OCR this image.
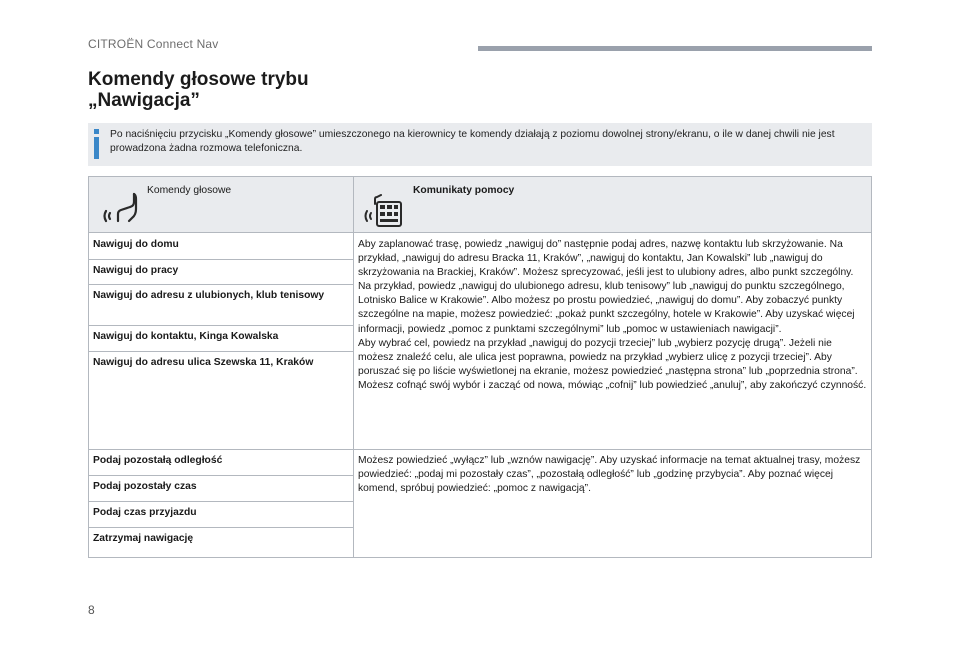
CITROËN Connect Nav
Komendy głosowe trybu
„Nawigacja”
Po naciśnięciu przycisku „Komendy głosowe” umieszczonego na kierownicy te komendy działają z poziomu dowolnej strony/ekranu, o ile w danej chwili nie jest prowadzona żadna rozmowa telefoniczna.
Komendy głosowe	Komunikaty pomocy
Nawiguj do domu
Nawiguj do pracy
Nawiguj do adresu z ulubionych, klub tenisowy
Nawiguj do kontaktu, Kinga Kowalska
Nawiguj do adresu ulica Szewska 11, Kraków

Aby zaplanować trasę, powiedz „nawiguj do” następnie podaj adres, nazwę kontaktu lub skrzyżowanie. Na przykład, „nawiguj do adresu Bracka 11, Kraków”, „nawiguj do kontaktu, Jan Kowalski” lub „nawiguj do skrzyżowania na Brackiej, Kraków”. Możesz sprecyzować, jeśli jest to ulubiony adres, albo punkt szczególny. Na przykład, powiedz „nawiguj do ulubionego adresu, klub tenisowy” lub „nawiguj do punktu szczególnego, Lotnisko Balice w Krakowie”. Albo możesz po prostu powiedzieć, „nawiguj do domu”. Aby zobaczyć punkty szczególne na mapie, możesz powiedzieć: „pokaż punkt szczególny, hotele w Krakowie”. Aby uzyskać więcej informacji, powiedz „pomoc z punktami szczególnymi” lub „pomoc w ustawieniach nawigacji”.

Aby wybrać cel, powiedz na przykład „nawiguj do pozycji trzeciej” lub „wybierz pozycję drugą”. Jeżeli nie możesz znaleźć celu, ale ulica jest poprawna, powiedz na przykład „wybierz ulicę z pozycji trzeciej”. Aby poruszać się po liście wyświetlonej na ekranie, możesz powiedzieć „następna strona” lub „poprzednia strona”. Możesz cofnąć swój wybór i zacząć od nowa, mówiąc „cofnij” lub powiedzieć „anuluj”, aby zakończyć czynność.

Podaj pozostałą odległość
Podaj pozostały czas
Podaj czas przyjazdu
Zatrzymaj nawigację

Możesz powiedzieć „wyłącz” lub „wznów nawigację”. Aby uzyskać informacje na temat aktualnej trasy, możesz powiedzieć: „podaj mi pozostały czas”, „pozostałą odległość” lub „godzinę przybycia”. Aby poznać więcej komend, spróbuj powiedzieć: „pomoc z nawigacją”.

8
